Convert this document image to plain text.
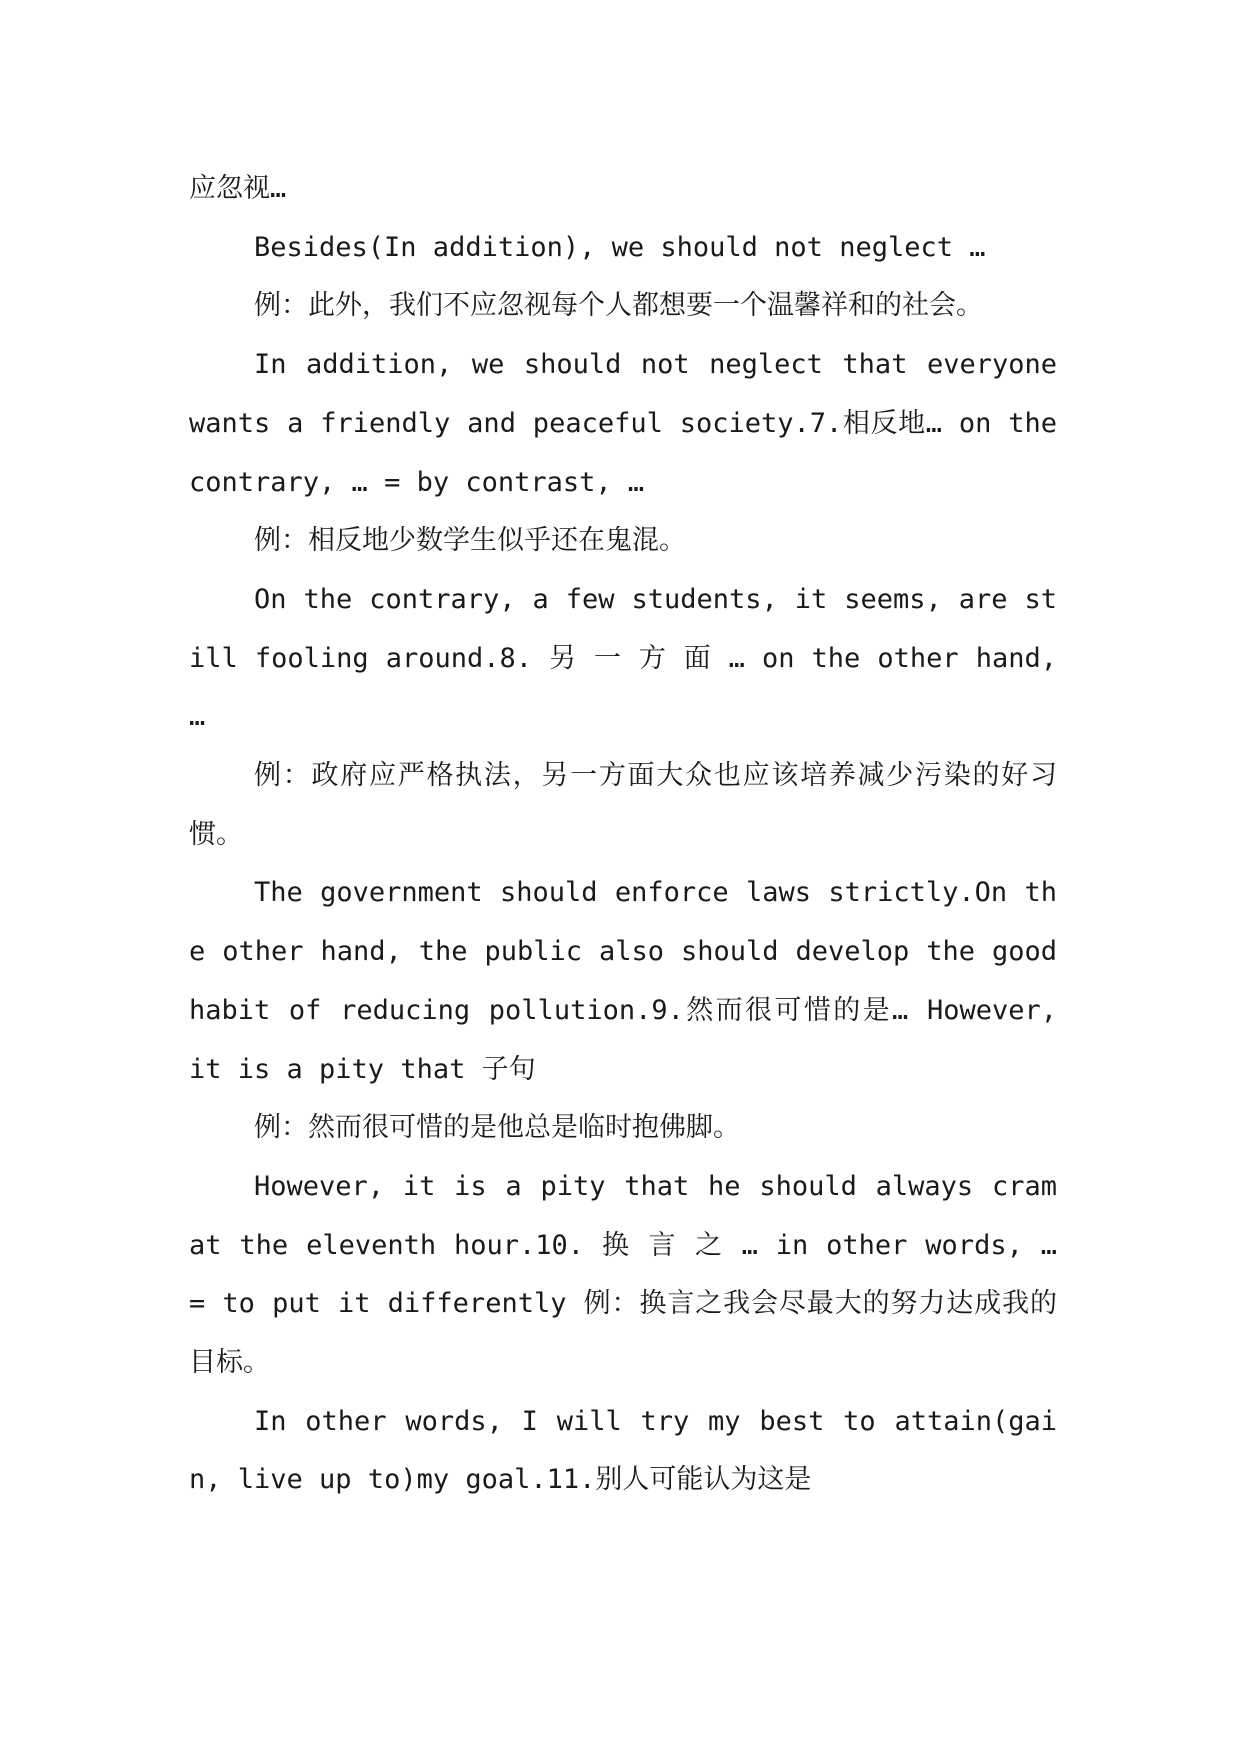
应忽视…

Besides(In addition), we should not neglect …

例：此外，我们不应忽视每个人都想要一个温馨祥和的社会。

In addition, we should not neglect that everyone wants a friendly and peaceful society.7.相反地… on the contrary, … = by contrast, …

例：相反地少数学生似乎还在鬼混。

On the contrary, a few students, it seems, are still fooling around.8. 另 一 方 面 … on the other hand, …

例：政府应严格执法，另一方面大众也应该培养减少污染的好习惯。

The government should enforce laws strictly.On the other hand, the public also should develop the good habit of reducing pollution.9.然而很可惜的是… However, it is a pity that 子句

例：然而很可惜的是他总是临时抱佛脚。

However, it is a pity that he should always cram at the eleventh hour.10. 换 言 之 … in other words, … = to put it differently 例：换言之我会尽最大的努力达成我的目标。

In other words, I will try my best to attain(gain, live up to)my goal.11.别人可能认为这是
